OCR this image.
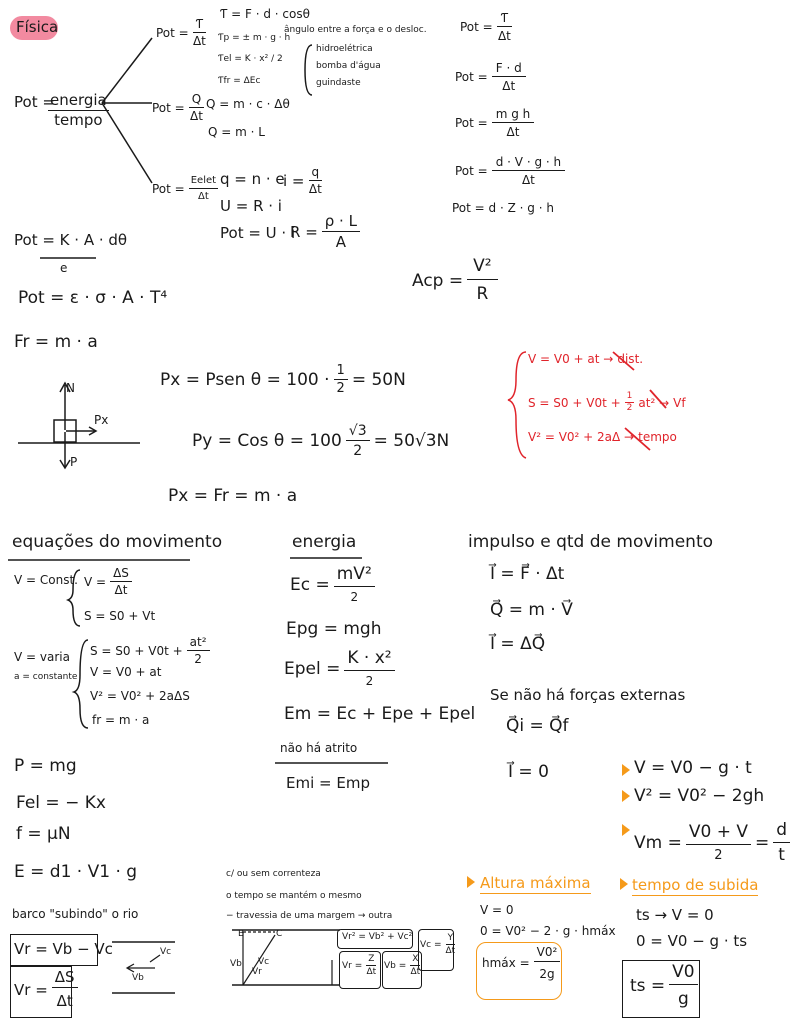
Física
Pot =
energia
tempo
Pot = $\frac{Ƭ}{\Delta t}$
Ƭ = F · d · cosθ
ângulo entre a força e o desloc.
Ƭp = ± m · g · h
Ƭel = K · x² / 2
Ƭfr = ΔEc
hidroelétrica
bomba d'água
guindaste
Pot = $\frac{Q}{\Delta t}$ Q = m · c · Δθ
Q = m · L
Pot =
Eelet
Δt
q = n · e
$i = \frac{q}{\Delta t}$
U = R · i
Pot = U · i
$R = \frac{\rho \cdot L}{A}$
Pot = $\frac{Ƭ}{\Delta t}$
Pot = $\frac{F \cdot d}{\Delta t}$
Pot = $\frac{\text{m g h}}{\Delta t}$
Pot = $\frac{d \cdot V \cdot g \cdot h}{\Delta t}$
Pot = d · Z · g · h
Pot = K · A · dθ
e
Pot = ε · σ · A · T⁴
Fr = m · a
Acp = $\frac{\text{V²}}{R}$
N
P
Px
Px = Psen $\theta = 100 \cdot \frac{1}{2} = 50N$
Py = Cos $\theta = 100 \frac{√3}{2} = 50√3N$
Px = Fr = m · a
V = V0 + at → dist.
$S = S0 + V0t + \frac{1}{2} at^2 \to Vf$
V² = V0² + 2aΔ → tempo
equações do movimento
V = Const. $V = \frac{\Delta S}{\Delta t}$
S = S0 + Vt
V = varia
a = constante
$S = S0 + V0t + \frac{\text{at²}}{2}$
V = V0 + at
V² = V0² + 2aΔS
fr = m · a
P = mg
Fel = − Kx
f = μN
E = d1 · V1 · g
barco "subindo" o rio
Vr = Vb − Vc
$Vr = \frac{\Delta S}{\Delta t}$
Vc
Vb
energia
Ec =
mV²
2
Epg = mgh
Epel =
K · x²
2
Em = Ec + Epe + Epel
não há atrito
Emi = Emp
impulso e qtd de movimento
I⃗ = F⃗ · Δt
Q⃗ = m · V⃗
I⃗ = ΔQ⃗
Se não há forças externas
Q⃗i = Q⃗f
I⃗ = 0	V = V0 − g · t
V² = V0² − 2gh
Vm =
V0 + V
2
= $\frac{d}{t}$
c/ ou sem correnteza
o tempo se mantém o mesmo
− travessia de uma margem → outra
B	C
Vb
Vr
Vc
Vr² = Vb² + Vc²
$Vr = \frac{Z}{\Delta t}$ $Vb = \frac{X}{\Delta t}$
$Vc = \frac{Y}{\Delta t}$
Altura máxima
V = 0
0 = V0² − 2 · g · hmáx
hmáx = $\frac{\text{V0²}}{2g}$
tempo de subida
ts → V = 0
0 = V0 − g · ts
ts = $\frac{V0}{g}$
